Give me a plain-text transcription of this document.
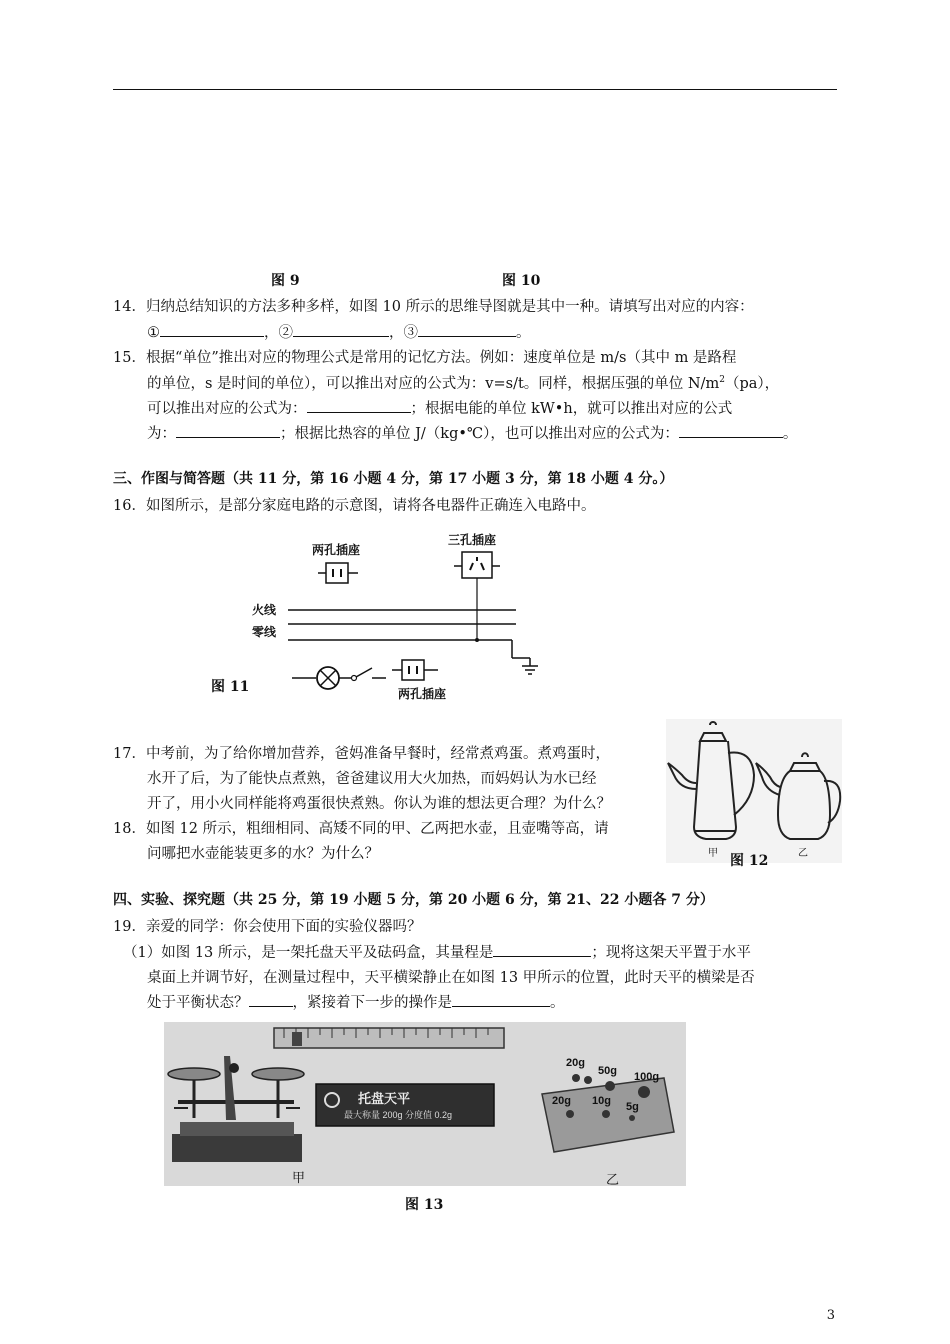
图 9	图 10
14．归纳总结知识的方法多种多样，如图 10 所示的思维导图就是其中一种。请填写出对应的内容：
①	，②	，③	。
15．根据“单位”推出对应的物理公式是常用的记忆方法。例如：速度单位是 m/s（其中 m 是路程
的单位，s 是时间的单位），可以推出对应的公式为：v=s/t。同样，根据压强的单位 $N/m^2(pa)$，
可以推出对应的公式为：	；根据电能的单位 kW•h，就可以推出对应的公式
为：	；根据比热容的单位 J/（kg•℃），也可以推出对应的公式为：	。
三、作图与简答题（共 11 分，第 16 小题 4 分，第 17 小题 3 分，第 18 小题 4 分。）
16．如图所示，是部分家庭电路的示意图，请将各电器件正确连入电路中。
两孔插座
三孔插座
火线
零线
两孔插座
图 11
17．中考前，为了给你增加营养，爸妈准备早餐时，经常煮鸡蛋。煮鸡蛋时，
水开了后，为了能快点煮熟，爸爸建议用大火加热，而妈妈认为水已经
开了，用小火同样能将鸡蛋很快煮熟。你认为谁的想法更合理？为什么？
18．如图 12 所示，粗细相同、高矮不同的甲、乙两把水壶，且壶嘴等高，请
问哪把水壶能装更多的水？为什么？	甲	乙
图 12
四、实验、探究题（共 25 分，第 19 小题 5 分，第 20 小题 6 分，第 21、22 小题各 7 分）
19．亲爱的同学：你会使用下面的实验仪器吗？
（1）如图 13 所示，是一架托盘天平及砝码盒，其量程是	；现将这架天平置于水平
桌面上并调节好，在测量过程中，天平横梁静止在如图 13 甲所示的位置，此时天平的横梁是否
处于平衡状态？	，紧接着下一步的操作是	。
托盘天平
最大称量 200g 分度值 0.2g
20g
50g 100g
20g 10g 5g
甲	乙
图 13
3
